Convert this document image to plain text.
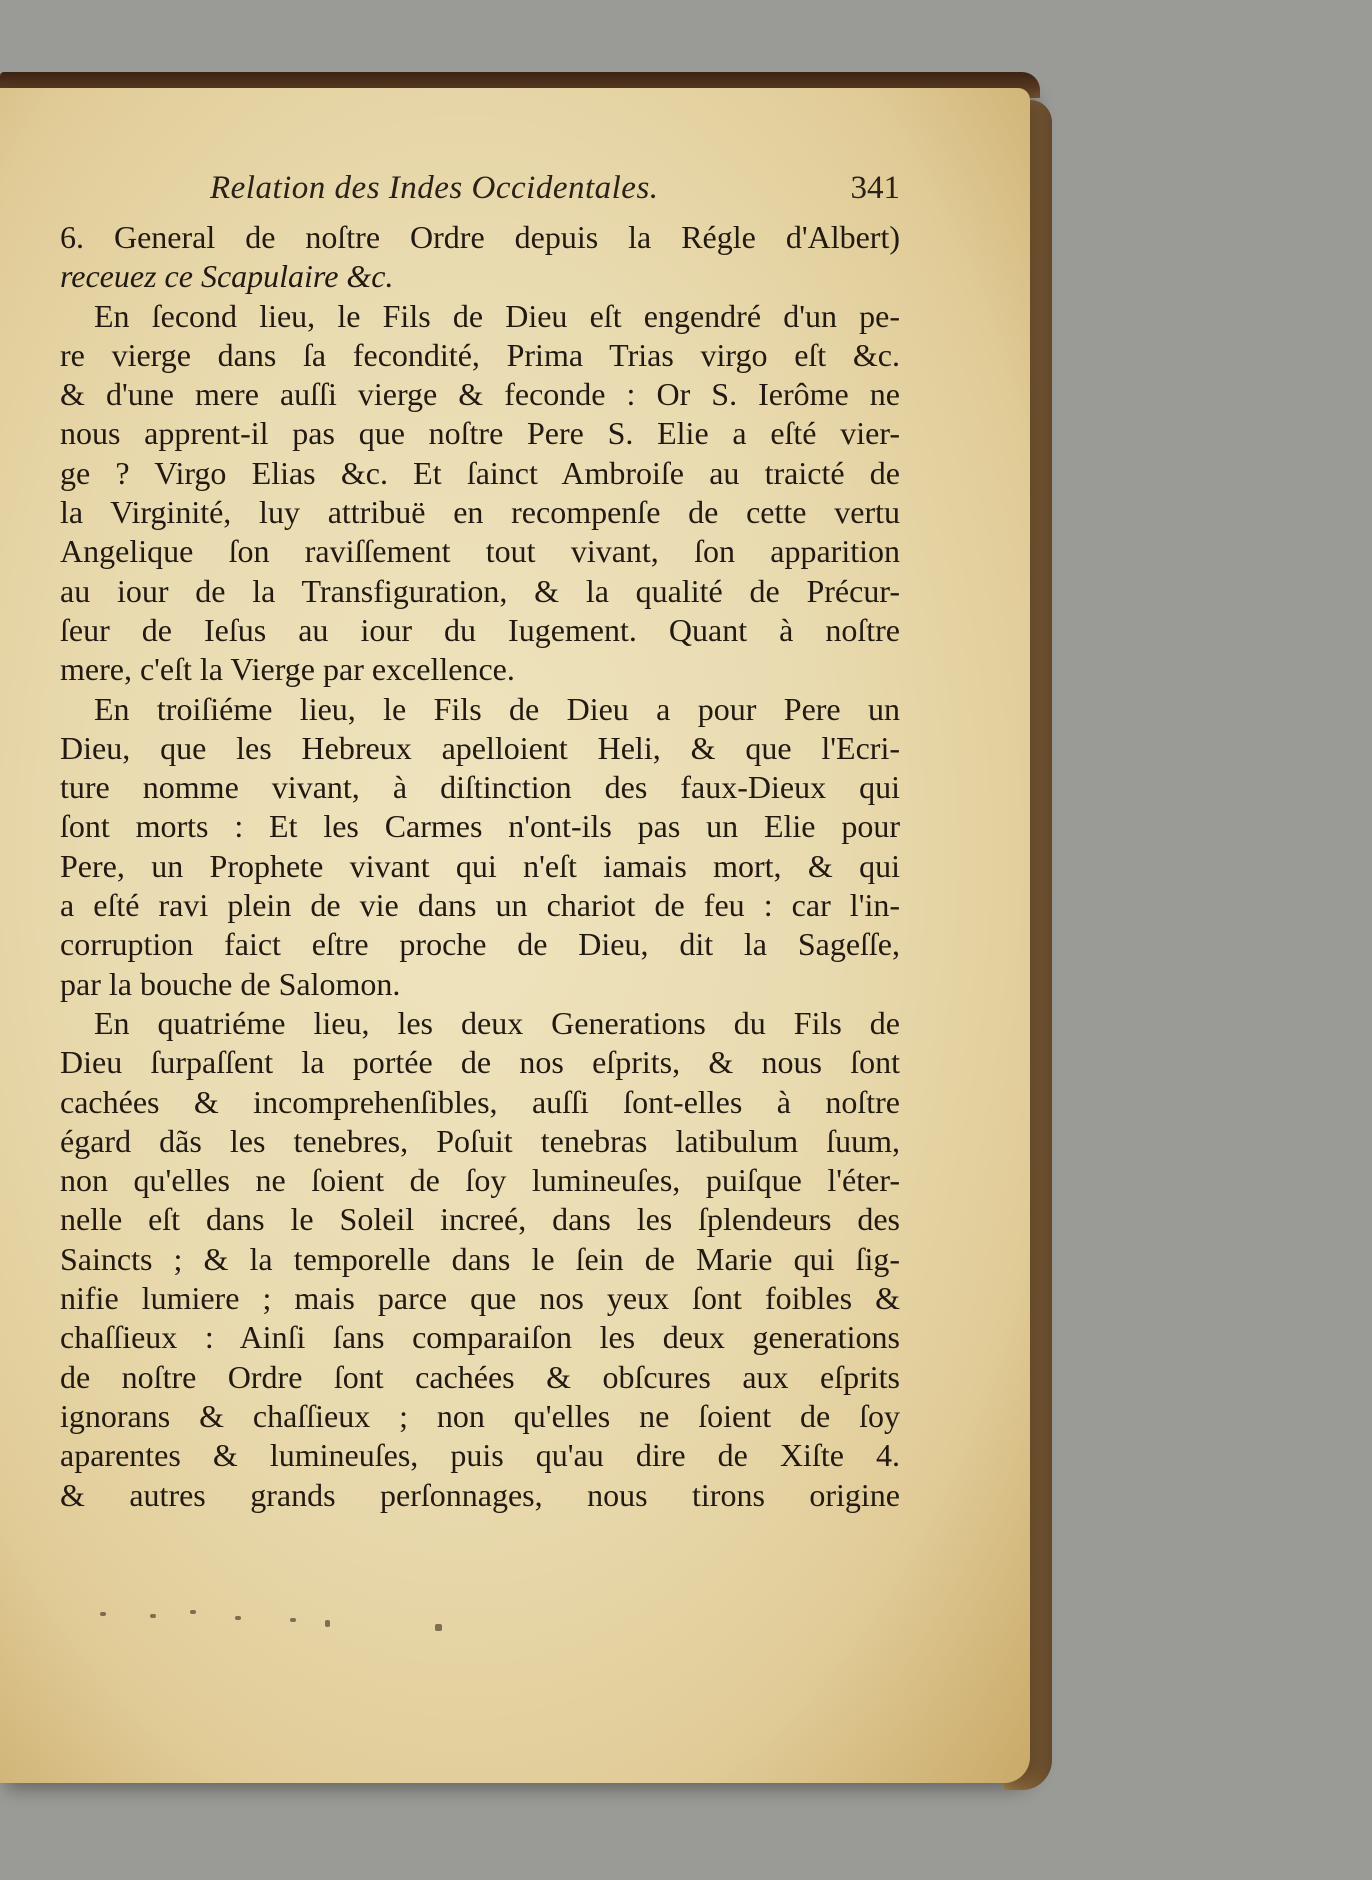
Relation des Indes Occidentales.	341
6. General de noſtre Ordre depuis la Régle d'Albert)
receuez ce Scapulaire &c.
En ſecond lieu, le Fils de Dieu eſt engendré d'un pe-
re vierge dans ſa fecondité, Prima Trias virgo eſt &c.
& d'une mere auſſi vierge & feconde : Or S. Ierôme ne
nous apprent-il pas que noſtre Pere S. Elie a eſté vier-
ge ? Virgo Elias &c. Et ſainct Ambroiſe au traicté de
la Virginité, luy attribuë en recompenſe de cette vertu
Angelique ſon raviſſement tout vivant, ſon apparition
au iour de la Transfiguration, & la qualité de Précur-
ſeur de Ieſus au iour du Iugement. Quant à noſtre
mere, c'eſt la Vierge par excellence.
En troiſiéme lieu, le Fils de Dieu a pour Pere un
Dieu, que les Hebreux apelloient Heli, & que l'Ecri-
ture nomme vivant, à diſtinction des faux-Dieux qui
ſont morts : Et les Carmes n'ont-ils pas un Elie pour
Pere, un Prophete vivant qui n'eſt iamais mort, & qui
a eſté ravi plein de vie dans un chariot de feu : car l'in-
corruption faict eſtre proche de Dieu, dit la Sageſſe,
par la bouche de Salomon.
En quatriéme lieu, les deux Generations du Fils de
Dieu ſurpaſſent la portée de nos eſprits, & nous ſont
cachées & incomprehenſibles, auſſi ſont-elles à noſtre
égard dãs les tenebres, Poſuit tenebras latibulum ſuum,
non qu'elles ne ſoient de ſoy lumineuſes, puiſque l'éter-
nelle eſt dans le Soleil increé, dans les ſplendeurs des
Saincts ; & la temporelle dans le ſein de Marie qui ſig-
nifie lumiere ; mais parce que nos yeux ſont foibles &
chaſſieux : Ainſi ſans comparaiſon les deux generations
de noſtre Ordre ſont cachées & obſcures aux eſprits
ignorans & chaſſieux ; non qu'elles ne ſoient de ſoy
aparentes & lumineuſes, puis qu'au dire de Xiſte 4.
& autres grands perſonnages, nous tirons origine
